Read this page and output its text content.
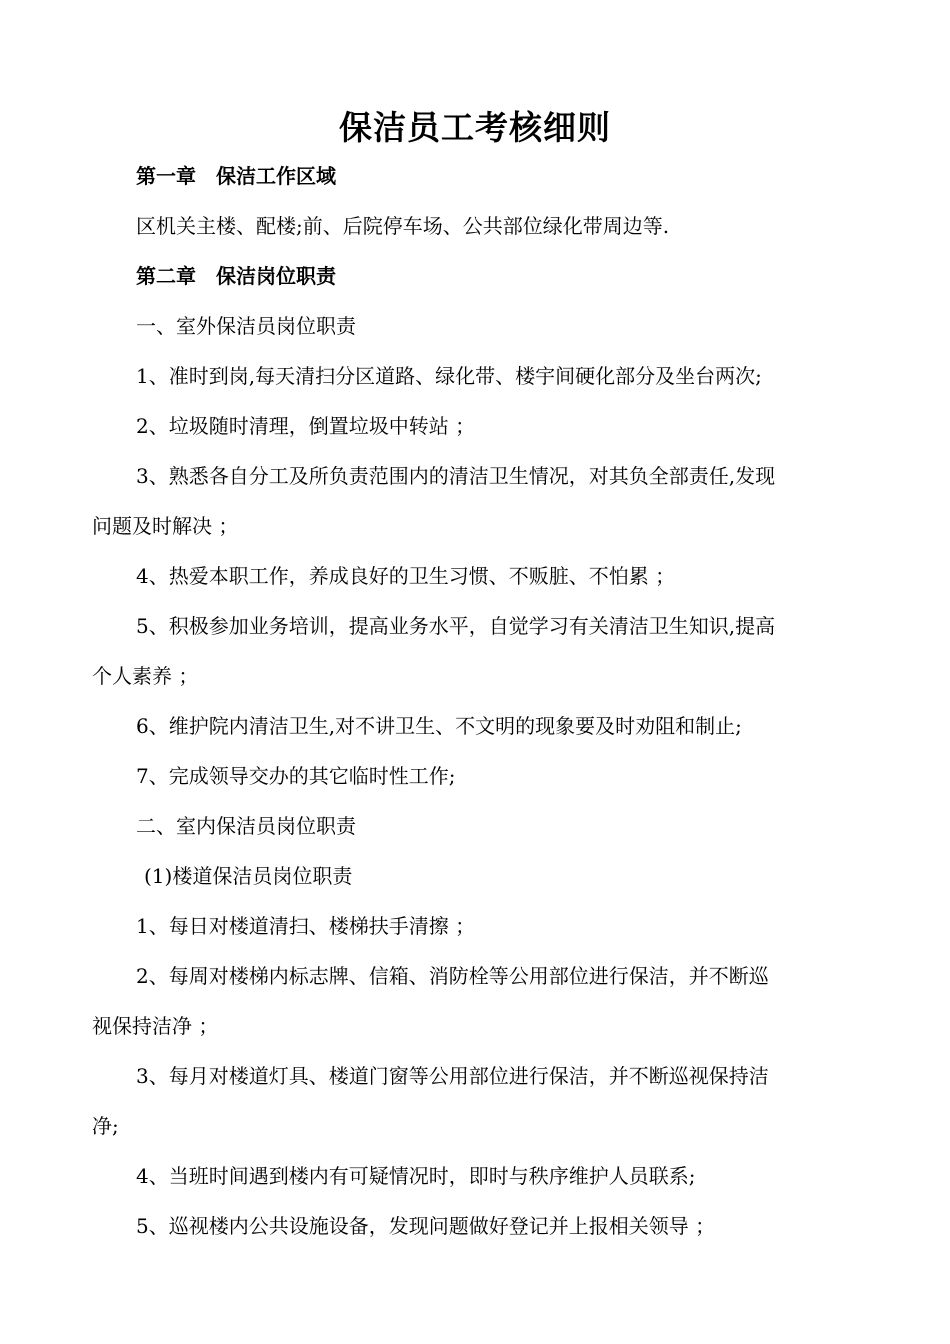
保洁员工考核细则
第一章　保洁工作区域
区机关主楼、配楼;前、后院停车场、公共部位绿化带周边等.
第二章　保洁岗位职责
一、室外保洁员岗位职责
1、准时到岗,每天清扫分区道路、绿化带、楼宇间硬化部分及坐台两次;
2、垃圾随时清理，倒置垃圾中转站 ；
3、熟悉各自分工及所负责范围内的清洁卫生情况，对其负全部责任,发现
问题及时解决 ；
4、热爱本职工作，养成良好的卫生习惯、不贩脏、不怕累 ；
5、积极参加业务培训，提高业务水平，自觉学习有关清洁卫生知识,提高
个人素养 ；
6、维护院内清洁卫生,对不讲卫生、不文明的现象要及时劝阻和制止;
7、完成领导交办的其它临时性工作;
二、室内保洁员岗位职责
(1)楼道保洁员岗位职责
1、每日对楼道清扫、楼梯扶手清擦 ；
2、每周对楼梯内标志牌、信箱、消防栓等公用部位进行保洁，并不断巡
视保持洁净 ；
3、每月对楼道灯具、楼道门窗等公用部位进行保洁，并不断巡视保持洁
净;
4、当班时间遇到楼内有可疑情况时，即时与秩序维护人员联系;
5、巡视楼内公共设施设备，发现问题做好登记并上报相关领导 ；
